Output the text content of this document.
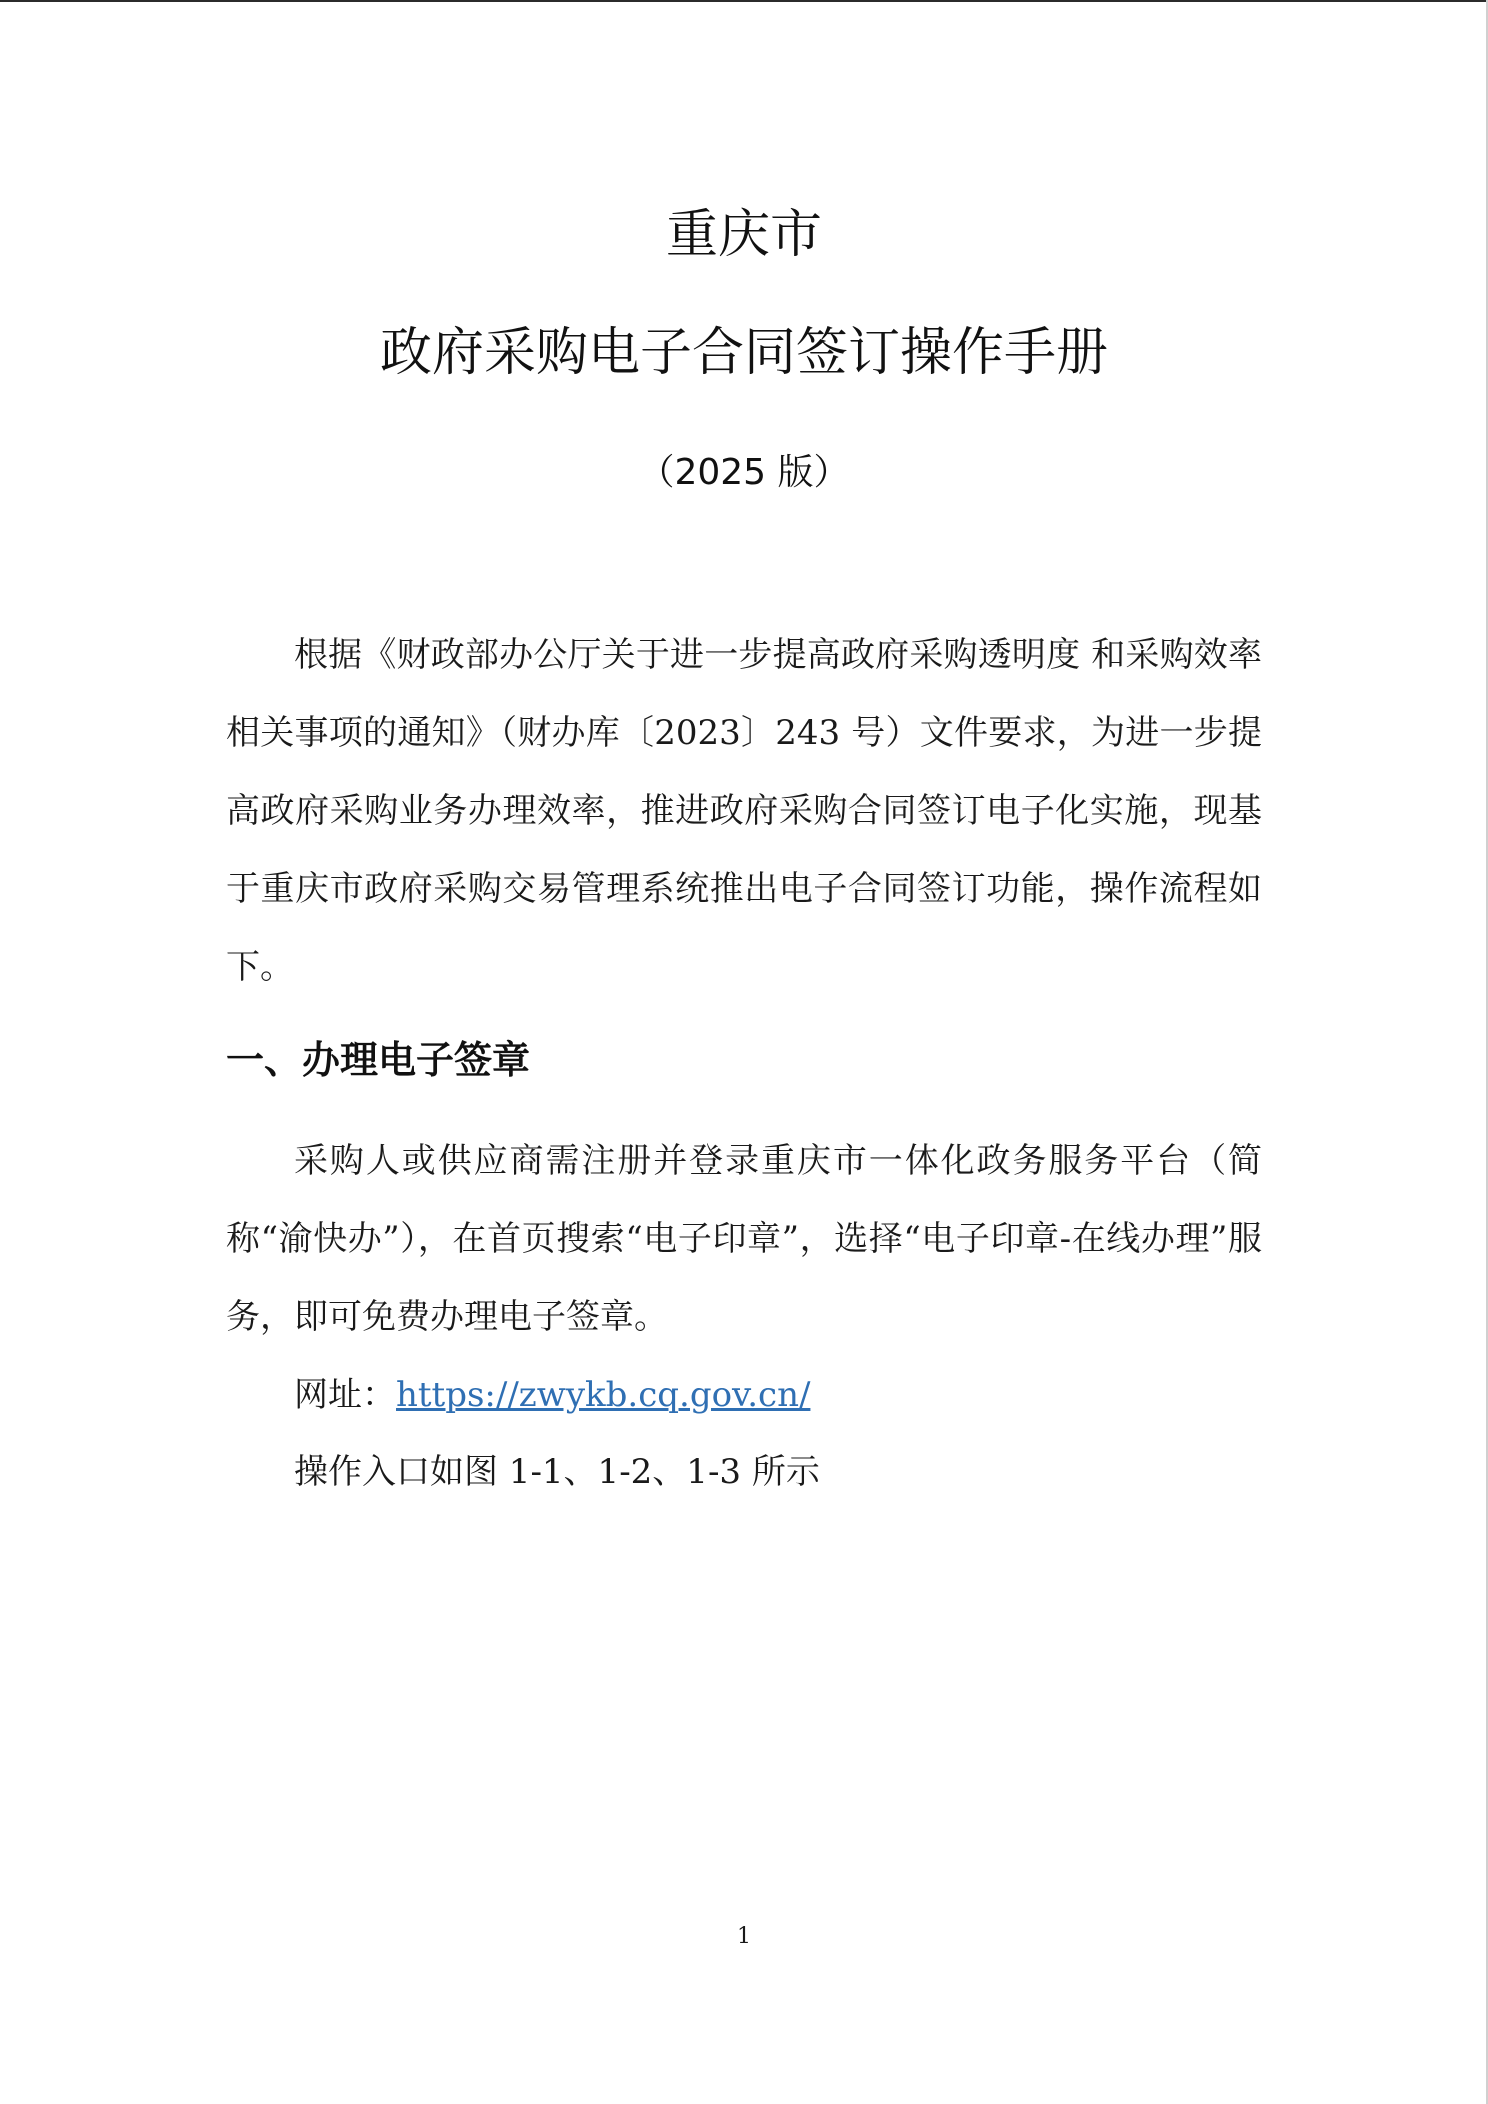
重庆市
政府采购电子合同签订操作手册
（2025 版）

根据《财政部办公厅关于进一步提高政府采购透明度 和采购效率相关事项的通知》（财办库〔2023〕243 号）文件要求，为进一步提高政府采购业务办理效率，推进政府采购合同签订电子化实施，现基于重庆市政府采购交易管理系统推出电子合同签订功能，操作流程如下。

一、办理电子签章

采购人或供应商需注册并登录重庆市一体化政务服务平台（简称“渝快办”），在首页搜索“电子印章”，选择“电子印章-在线办理”服务，即可免费办理电子签章。

网址：https://zwykb.cq.gov.cn/
操作入口如图 1-1、1-2、1-3 所示
1
